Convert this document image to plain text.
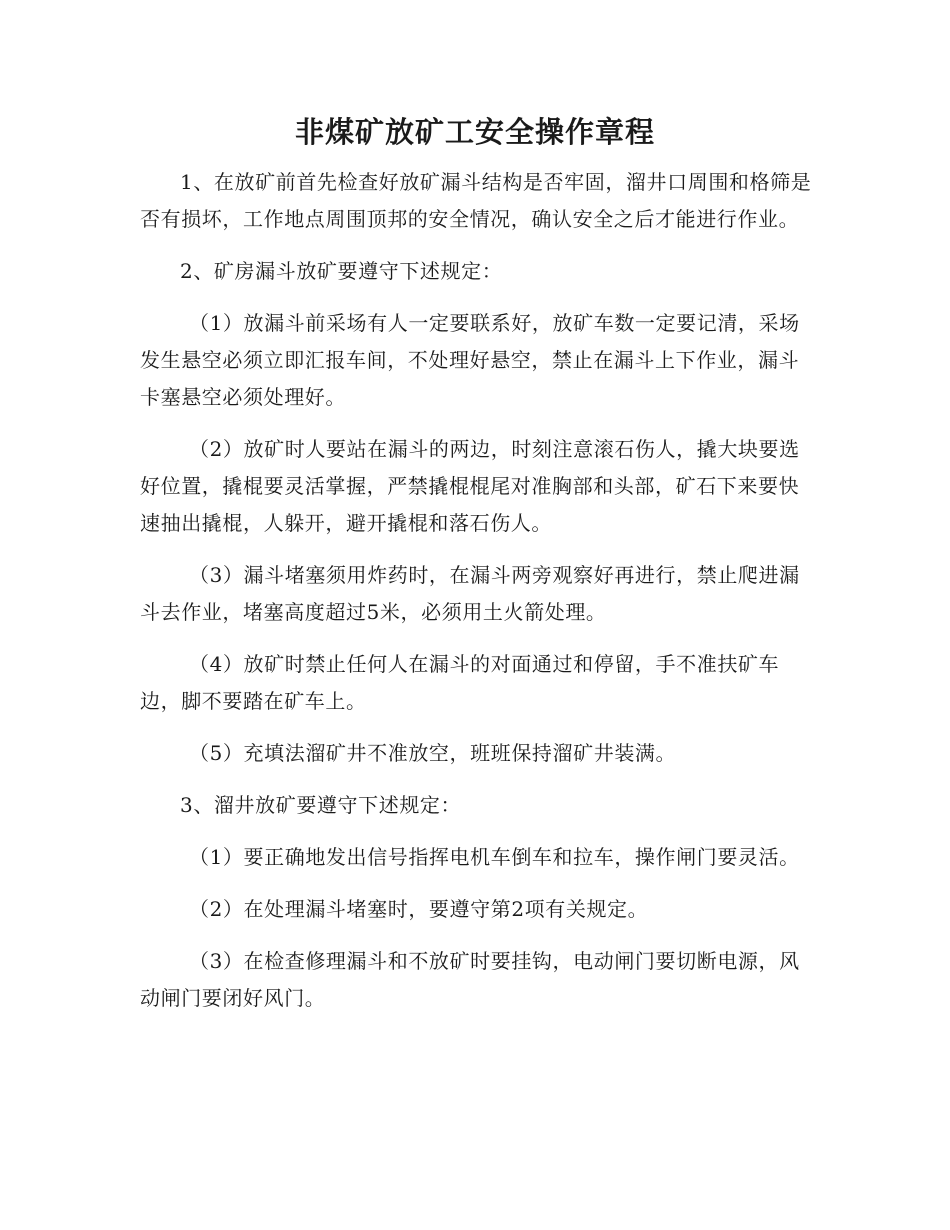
非煤矿放矿工安全操作章程

1、在放矿前首先检查好放矿漏斗结构是否牢固，溜井口周围和格筛是否有损坏，工作地点周围顶邦的安全情况，确认安全之后才能进行作业。

2、矿房漏斗放矿要遵守下述规定：

（1）放漏斗前采场有人一定要联系好，放矿车数一定要记清，采场发生悬空必须立即汇报车间，不处理好悬空，禁止在漏斗上下作业，漏斗卡塞悬空必须处理好。

（2）放矿时人要站在漏斗的两边，时刻注意滚石伤人，撬大块要选好位置，撬棍要灵活掌握，严禁撬棍棍尾对准胸部和头部，矿石下来要快速抽出撬棍，人躲开，避开撬棍和落石伤人。

（3）漏斗堵塞须用炸药时，在漏斗两旁观察好再进行，禁止爬进漏斗去作业，堵塞高度超过5米，必须用土火箭处理。

（4）放矿时禁止任何人在漏斗的对面通过和停留，手不准扶矿车边，脚不要踏在矿车上。

（5）充填法溜矿井不准放空，班班保持溜矿井装满。

3、溜井放矿要遵守下述规定：

（1）要正确地发出信号指挥电机车倒车和拉车，操作闸门要灵活。

（2）在处理漏斗堵塞时，要遵守第2项有关规定。

（3）在检查修理漏斗和不放矿时要挂钩，电动闸门要切断电源，风动闸门要闭好风门。
